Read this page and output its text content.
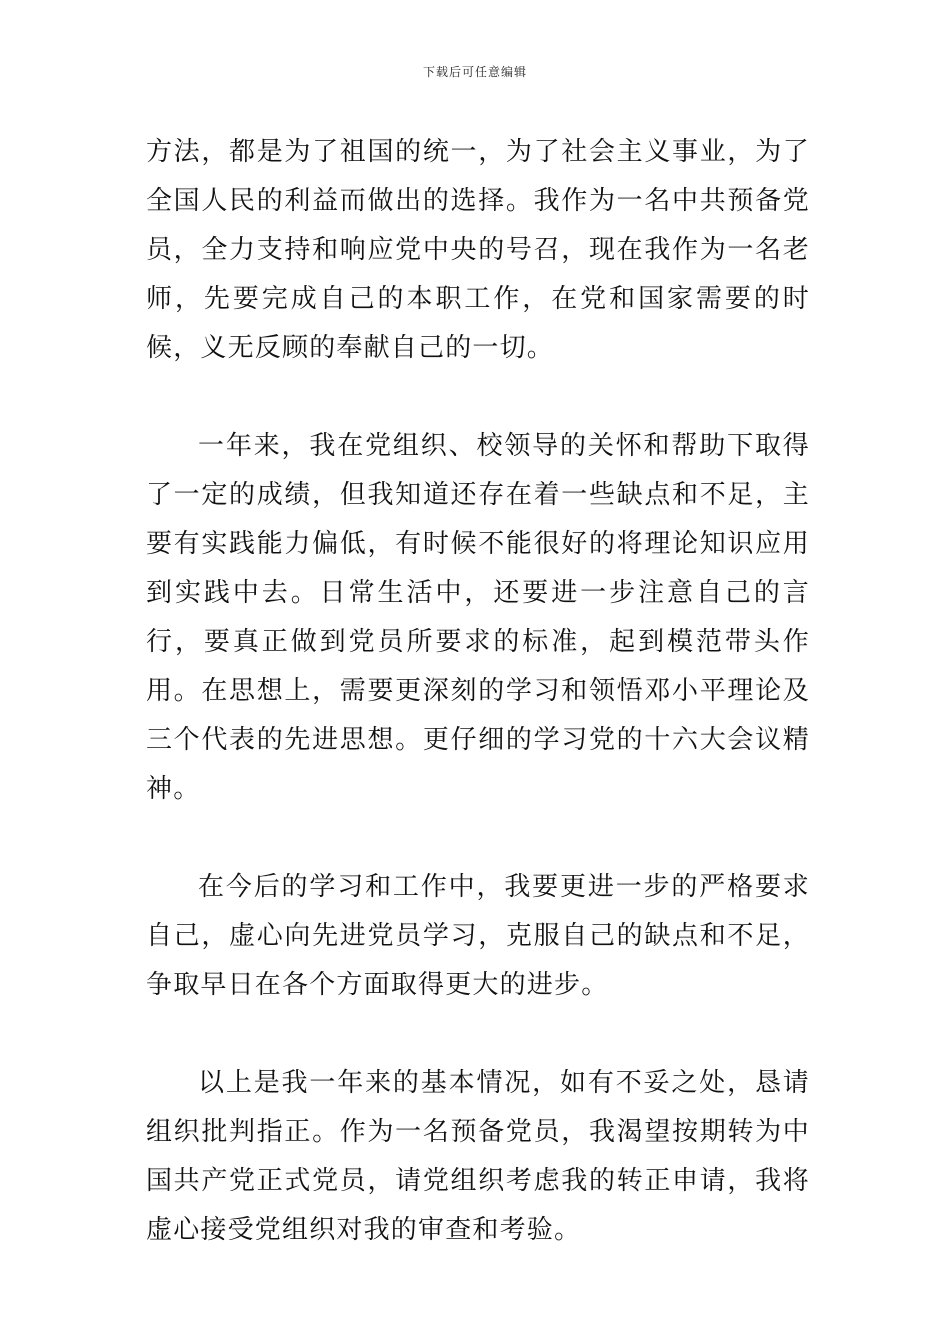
下载后可任意编辑

方法，都是为了祖国的统一，为了社会主义事业，为了全国人民的利益而做出的选择。我作为一名中共预备党员，全力支持和响应党中央的号召，现在我作为一名老师，先要完成自己的本职工作，在党和国家需要的时候，义无反顾的奉献自己的一切。

一年来，我在党组织、校领导的关怀和帮助下取得了一定的成绩，但我知道还存在着一些缺点和不足，主要有实践能力偏低，有时候不能很好的将理论知识应用到实践中去。日常生活中，还要进一步注意自己的言行，要真正做到党员所要求的标准，起到模范带头作用。在思想上，需要更深刻的学习和领悟邓小平理论及三个代表的先进思想。更仔细的学习党的十六大会议精神。

在今后的学习和工作中，我要更进一步的严格要求自己，虚心向先进党员学习，克服自己的缺点和不足，争取早日在各个方面取得更大的进步。

以上是我一年来的基本情况，如有不妥之处，恳请组织批判指正。作为一名预备党员，我渴望按期转为中国共产党正式党员，请党组织考虑我的转正申请，我将虚心接受党组织对我的审查和考验。
